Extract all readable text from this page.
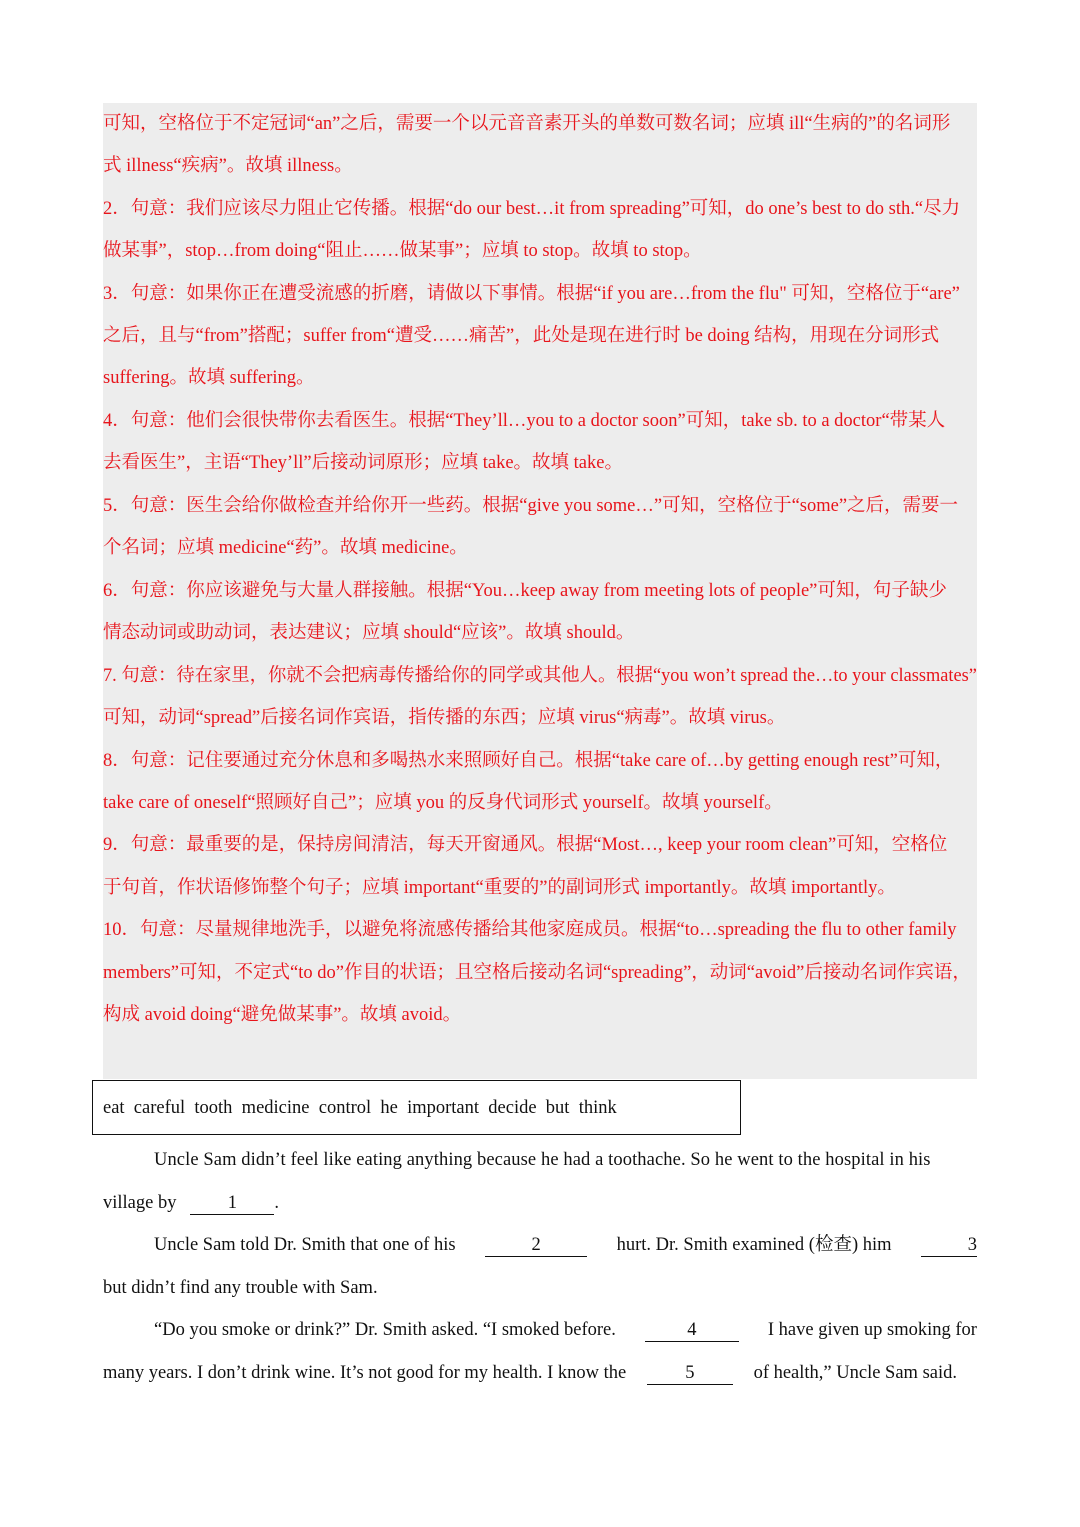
可知，空格位于不定冠词“an”之后，需要一个以元音音素开头的单数可数名词；应填 ill“生病的”的名词形
式 illness“疾病”。故填 illness。
2．句意：我们应该尽力阻止它传播。根据“do our best…it from spreading”可知，do one’s best to do sth.“尽力
做某事”，stop…from doing“阻止……做某事”；应填 to stop。故填 to stop。
3．句意：如果你正在遭受流感的折磨，请做以下事情。根据“if you are…from the flu" 可知，空格位于“are”
之后，且与“from”搭配；suffer from“遭受……痛苦”，此处是现在进行时 be doing 结构，用现在分词形式
suffering。故填 suffering。
4．句意：他们会很快带你去看医生。根据“They’ll…you to a doctor soon”可知，take sb. to a doctor“带某人
去看医生”，主语“They’ll”后接动词原形；应填 take。故填 take。
5．句意：医生会给你做检查并给你开一些药。根据“give you some…”可知，空格位于“some”之后，需要一
个名词；应填 medicine“药”。故填 medicine。
6．句意：你应该避免与大量人群接触。根据“You…keep away from meeting lots of people”可知，句子缺少
情态动词或助动词，表达建议；应填 should“应该”。故填 should。
7. 句意：待在家里，你就不会把病毒传播给你的同学或其他人。根据“you won’t spread the…to your classmates”
可知，动词“spread”后接名词作宾语，指传播的东西；应填 virus“病毒”。故填 virus。
8．句意：记住要通过充分休息和多喝热水来照顾好自己。根据“take care of…by getting enough rest”可知，
take care of oneself“照顾好自己”；应填 you 的反身代词形式 yourself。故填 yourself。
9．句意：最重要的是，保持房间清洁，每天开窗通风。根据“Most…, keep your room clean”可知，空格位
于句首，作状语修饰整个句子；应填 important“重要的”的副词形式 importantly。故填 importantly。
10．句意：尽量规律地洗手，以避免将流感传播给其他家庭成员。根据“to…spreading the flu to other family
members”可知，不定式“to do”作目的状语；且空格后接动名词“spreading”，动词“avoid”后接动名词作宾语，
构成 avoid doing“避免做某事”。故填 avoid。
eat  careful  tooth  medicine  control  he  important  decide  but  think
Uncle Sam didn’t feel like eating anything because he had a toothache. So he went to the hospital in his
village by	1 .
Uncle Sam told Dr. Smith that one of his	2	hurt. Dr. Smith examined (检查) him	3
but didn’t find any trouble with Sam.
“Do you smoke or drink?” Dr. Smith asked. “I smoked before.	4	I have given up smoking for
many years. I don’t drink wine. It’s not good for my health. I know the	5	of health,” Uncle Sam said.
